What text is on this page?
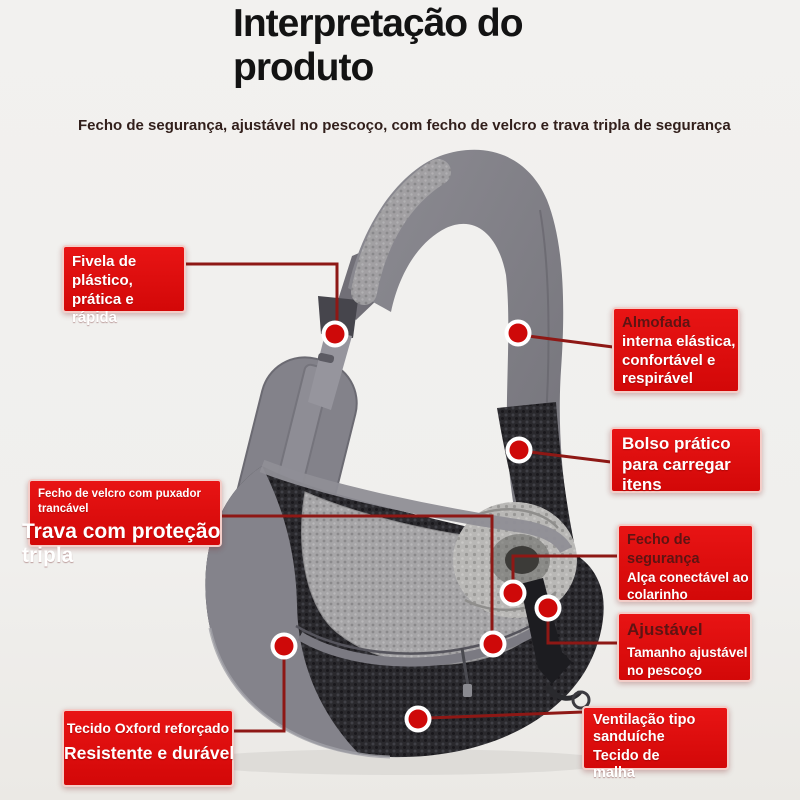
Interpretação do produto

Fecho de segurança, ajustável no pescoço, com fecho de velcro e trava tripla de segurança

Fivela de plástico, prática e rápida	Almofada

interna elástica, confortável e respirável

Bolso prático para carregar itens

Fecho de velcro com puxador trancável

Trava com proteção tripla

Fecho de segurança

Alça conectável ao colarinho

Ajustável

Tamanho ajustável no pescoço

Tecido Oxford reforçado

Resistente e durável

Ventilação tipo sanduíche

Tecido de malha
